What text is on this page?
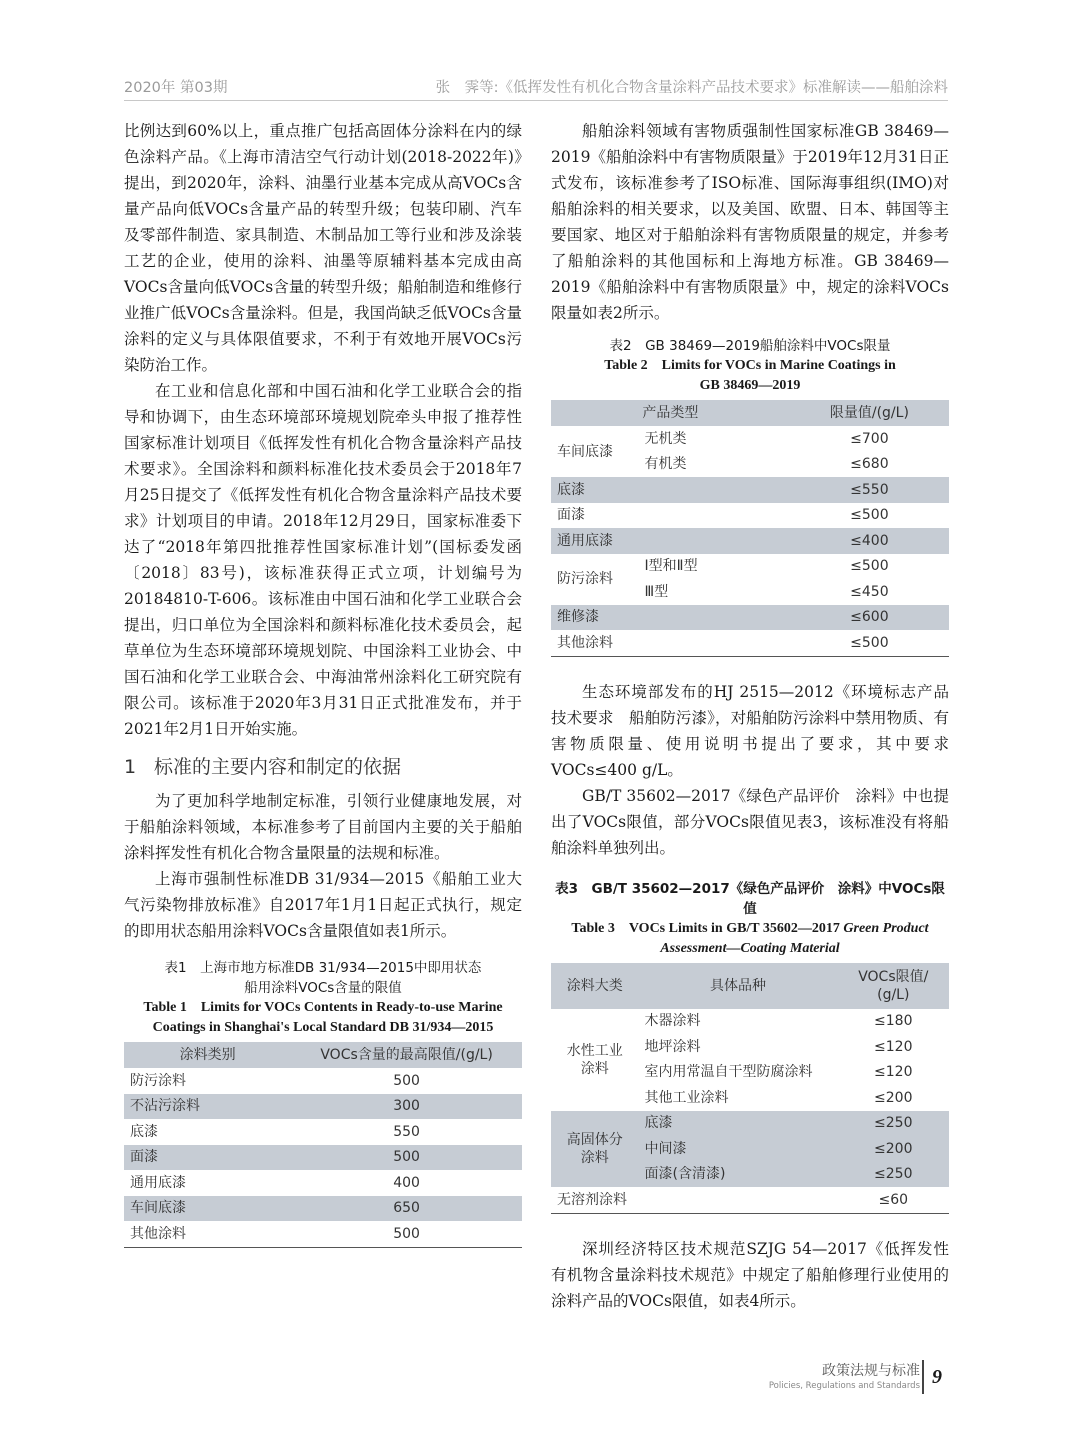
2020年 第03期	张　霁等:《低挥发性有机化合物含量涂料产品技术要求》标准解读——船舶涂料

比例达到60%以上，重点推广包括高固体分涂料在内的绿色涂料产品。《上海市清洁空气行动计划(2018-2022年)》提出，到2020年，涂料、油墨行业基本完成从高VOCs含量产品向低VOCs含量产品的转型升级；包装印刷、汽车及零部件制造、家具制造、木制品加工等行业和涉及涂装工艺的企业，使用的涂料、油墨等原辅料基本完成由高VOCs含量向低VOCs含量的转型升级；船舶制造和维修行业推广低VOCs含量涂料。但是，我国尚缺乏低VOCs含量涂料的定义与具体限值要求，不利于有效地开展VOCs污染防治工作。

在工业和信息化部和中国石油和化学工业联合会的指导和协调下，由生态环境部环境规划院牵头申报了推荐性国家标准计划项目《低挥发性有机化合物含量涂料产品技术要求》。全国涂料和颜料标准化技术委员会于2018年7月25日提交了《低挥发性有机化合物含量涂料产品技术要求》计划项目的申请。2018年12月29日，国家标准委下达了“2018年第四批推荐性国家标准计划”(国标委发函〔2018〕83号)，该标准获得正式立项，计划编号为20184810-T-606。该标准由中国石油和化学工业联合会提出，归口单位为全国涂料和颜料标准化技术委员会，起草单位为生态环境部环境规划院、中国涂料工业协会、中国石油和化学工业联合会、中海油常州涂料化工研究院有限公司。该标准于2020年3月31日正式批准发布，并于2021年2月1日开始实施。

1 标准的主要内容和制定的依据

为了更加科学地制定标准，引领行业健康地发展，对于船舶涂料领域，本标准参考了目前国内主要的关于船舶涂料挥发性有机化合物含量限量的法规和标准。

上海市强制性标准DB 31/934—2015《船舶工业大气污染物排放标准》自2017年1月1日起正式执行，规定的即用状态船用涂料VOCs含量限值如表1所示。

表1　上海市地方标准DB 31/934—2015中即用状态
船用涂料VOCs含量的限值
Table 1　Limits for VOCs Contents in Ready-to-use Marine
Coatings in Shanghai's Local Standard DB 31/934—2015
涂料类别	VOCs含量的最高限值/(g/L)
防污涂料	500
不沾污涂料	300
底漆	550
面漆	500
通用底漆	400
车间底漆	650
其他涂料	500

船舶涂料领域有害物质强制性国家标准GB 38469—2019《船舶涂料中有害物质限量》于2019年12月31日正式发布，该标准参考了ISO标准、国际海事组织(IMO)对船舶涂料的相关要求，以及美国、欧盟、日本、韩国等主要国家、地区对于船舶涂料有害物质限量的规定，并参考了船舶涂料的其他国标和上海地方标准。GB 38469—2019《船舶涂料中有害物质限量》中，规定的涂料VOCs限量如表2所示。

表2　GB 38469—2019船舶涂料中VOCs限量
Table 2　Limits for VOCs in Marine Coatings in
GB 38469—2019
产品类型		限量值/(g/L)
车间底漆	无机类	≤700
	有机类	≤680
底漆		≤550
面漆		≤500
通用底漆		≤400
防污涂料	Ⅰ型和Ⅱ型	≤500
	Ⅲ型	≤450
维修漆		≤600
其他涂料		≤500

生态环境部发布的HJ 2515—2012《环境标志产品技术要求　船舶防污漆》，对船舶防污涂料中禁用物质、有害物质限量、使用说明书提出了要求，其中要求VOCs≤400 g/L。

GB/T 35602—2017《绿色产品评价　涂料》中也提出了VOCs限值，部分VOCs限值见表3，该标准没有将船舶涂料单独列出。

表3　GB/T 35602—2017《绿色产品评价　涂料》中VOCs限值
Table 3　VOCs Limits in GB/T 35602—2017 Green Product
Assessment—Coating Material
涂料大类	具体品种	VOCs限值/
(g/L)
水性工业涂料	木器涂料	≤180
	地坪涂料	≤120
	室内用常温自干型防腐涂料	≤120
	其他工业涂料	≤200
高固体分涂料	底漆	≤250
	中间漆	≤200
	面漆(含清漆)	≤250
无溶剂涂料		≤60

深圳经济特区技术规范SZJG 54—2017《低挥发性有机物含量涂料技术规范》中规定了船舶修理行业使用的涂料产品的VOCs限值，如表4所示。

政策法规与标准
Policies, Regulations and Standards 9
